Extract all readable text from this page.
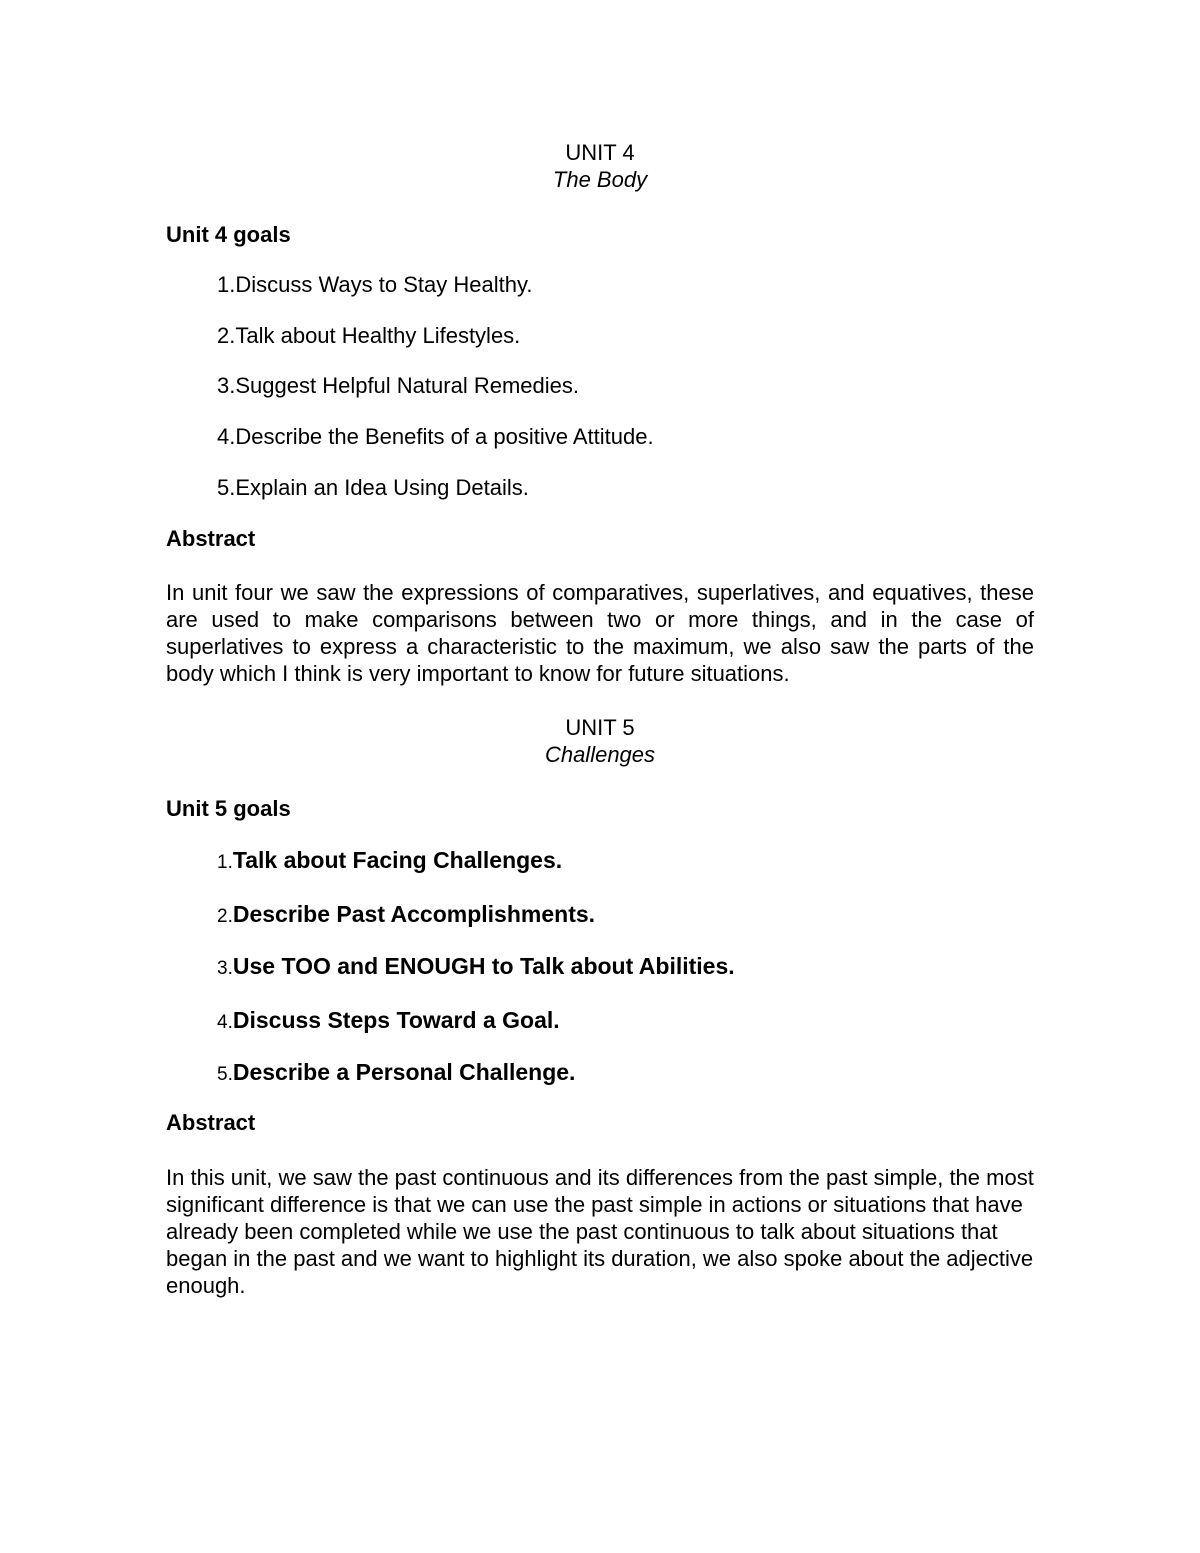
UNIT 4
The Body
Unit 4 goals
1.Discuss Ways to Stay Healthy.
2.Talk about Healthy Lifestyles.
3.Suggest Helpful Natural Remedies.
4.Describe the Benefits of a positive Attitude.
5.Explain an Idea Using Details.
Abstract

In unit four we saw the expressions of comparatives, superlatives, and equatives, these are used to make comparisons between two or more things, and in the case of superlatives to express a characteristic to the maximum, we also saw the parts of the body which I think is very important to know for future situations.

UNIT 5
Challenges
Unit 5 goals
1.Talk about Facing Challenges.
2.Describe Past Accomplishments.
3.Use TOO and ENOUGH to Talk about Abilities.
4.Discuss Steps Toward a Goal.
5.Describe a Personal Challenge.
Abstract

In this unit, we saw the past continuous and its differences from the past simple, the most significant difference is that we can use the past simple in actions or situations that have already been completed while we use the past continuous to talk about situations that began in the past and we want to highlight its duration, we also spoke about the adjective enough.
